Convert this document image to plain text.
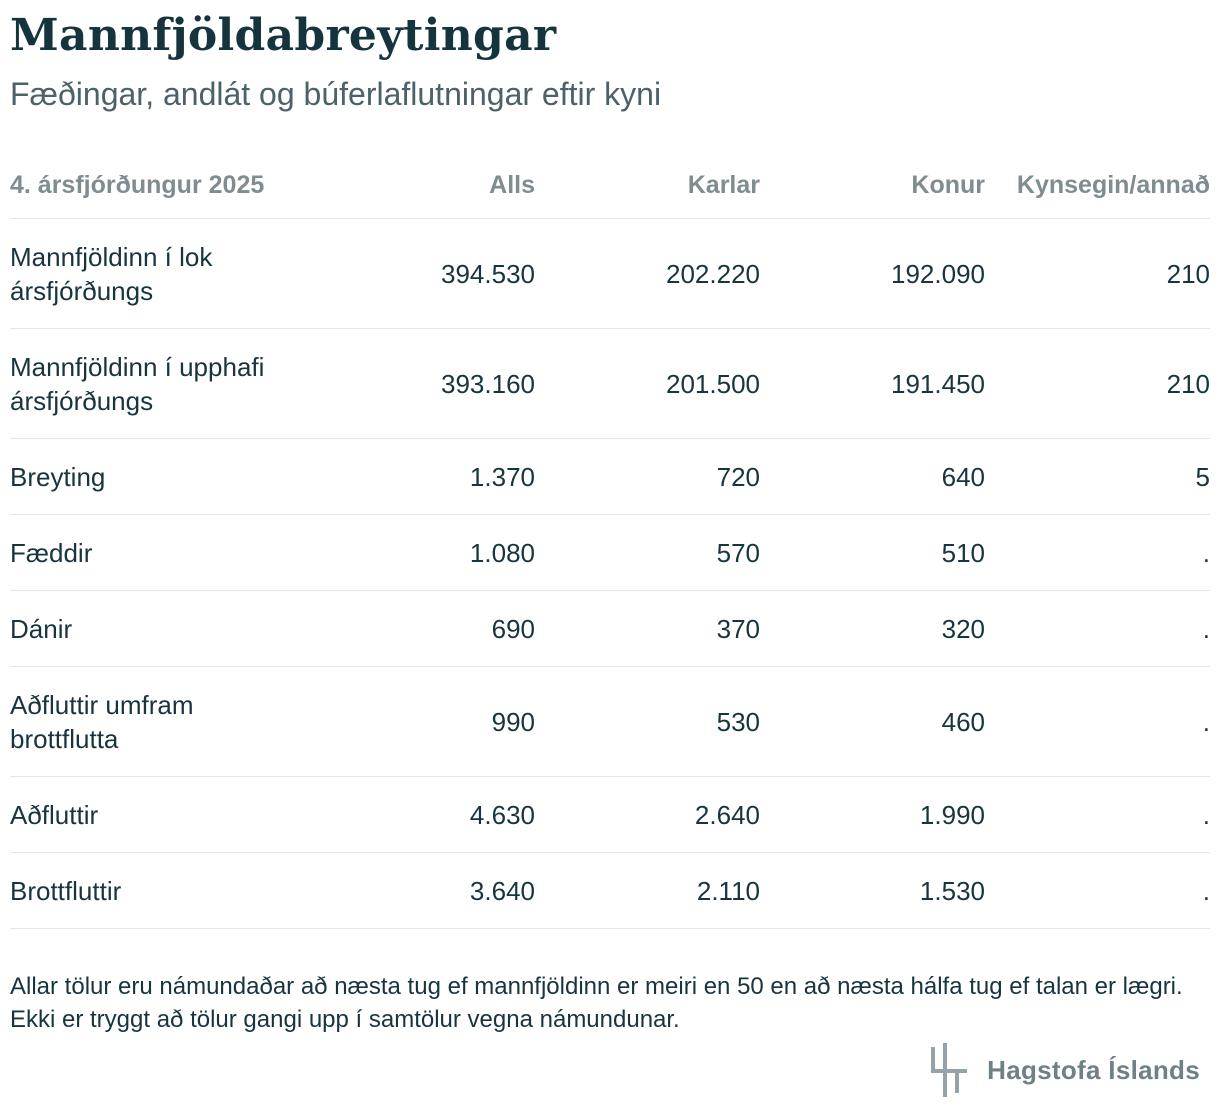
Mannfjöldabreytingar
Fæðingar, andlát og búferlaflutningar eftir kyni
4. ársfjórðungur 2025	Alls	Karlar	Konur	Kynsegin/annað

Mannfjöldinn í lok ársfjórðungs	394.530	202.220	192.090	210

Mannfjöldinn í upphafi ársfjórðungs	393.160	201.500	191.450	210
Breyting	1.370	720	640	5
Fæddir	1.080	570	510	.
Dánir	690	370	320	.

Aðfluttir umfram brottflutta	990	530	460	.
Aðfluttir	4.630	2.640	1.990	.
Brottfluttir	3.640	2.110	1.530	.
Allar tölur eru námundaðar að næsta tug ef mannfjöldinn er meiri en 50 en að næsta hálfa tug ef talan er lægri. Ekki er tryggt að tölur gangi upp í samtölur vegna námundunar.
Hagstofa Íslands
